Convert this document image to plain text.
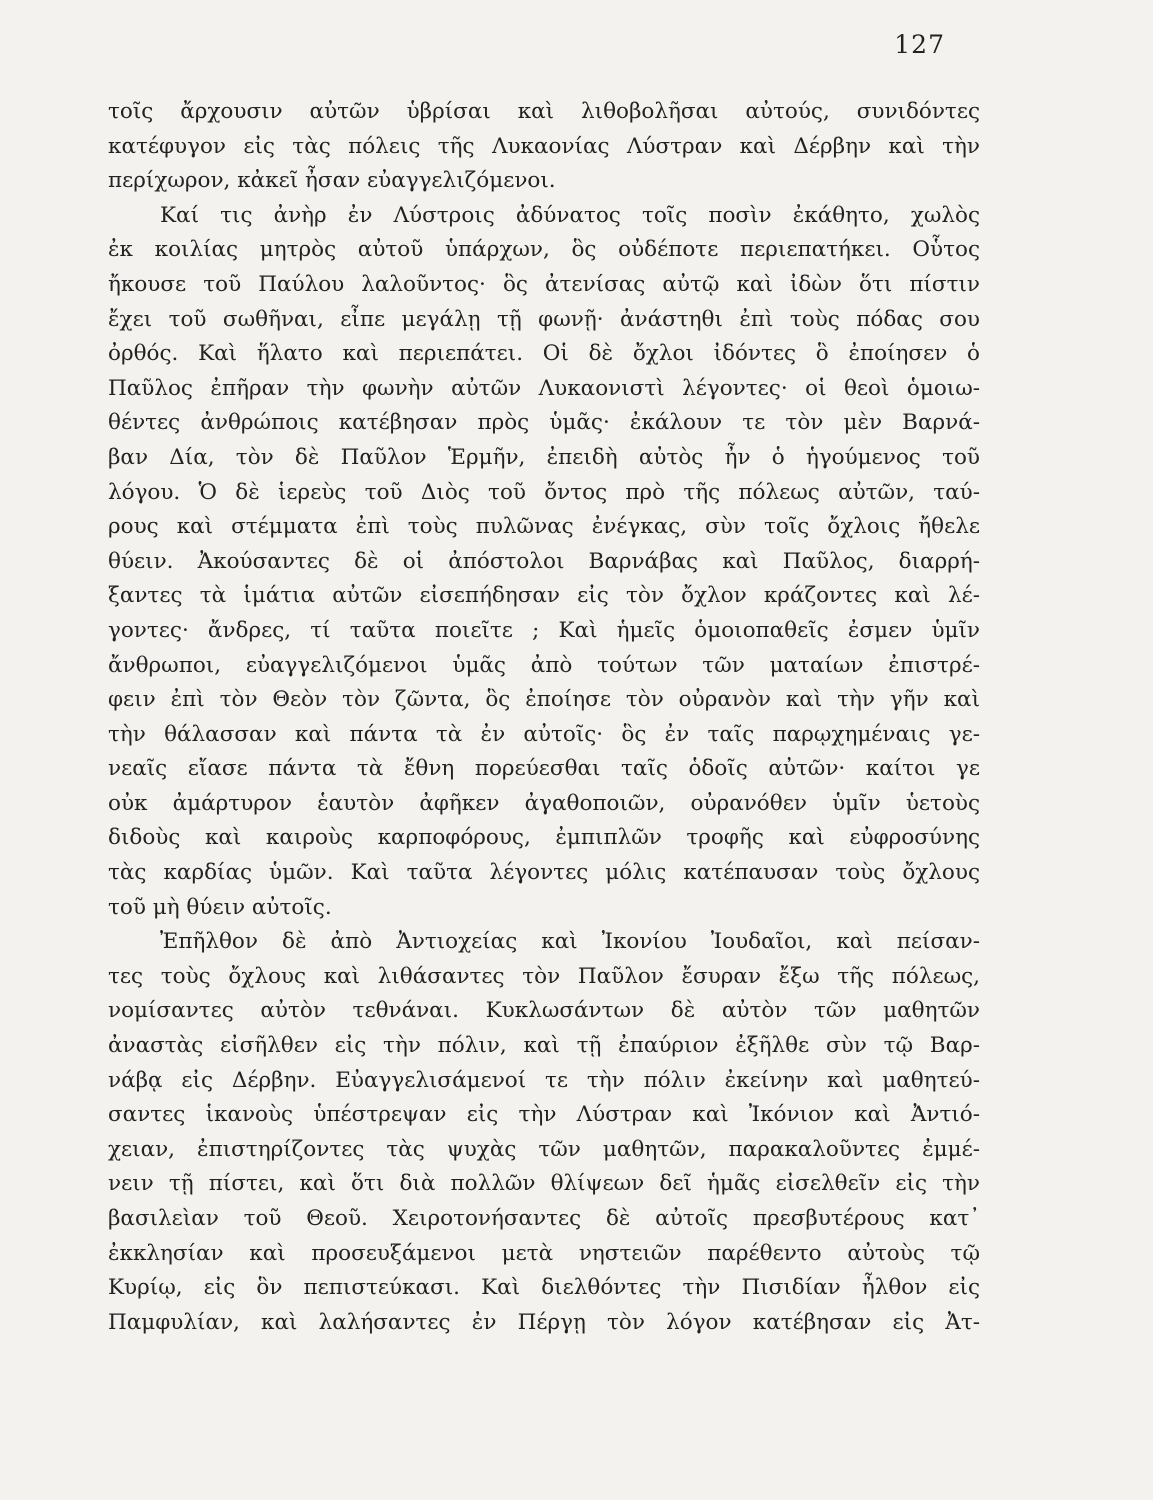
127
τοῖς ἄρχουσιν αὐτῶν ὑβρίσαι καὶ λιθοβολῆσαι αὐτούς, συνιδόντες
κατέφυγον εἰς τὰς πόλεις τῆς Λυκαονίας Λύστραν καὶ Δέρβην καὶ τὴν
περίχωρον, κἀκεῖ ἦσαν εὐαγγελιζόμενοι.
Καί τις ἀνὴρ ἐν Λύστροις ἀδύνατος τοῖς ποσὶν ἐκάθητο, χωλὸς
ἐκ κοιλίας μητρὸς αὐτοῦ ὑπάρχων, ὃς οὐδέποτε περιεπατήκει. Οὗτος
ἤκουσε τοῦ Παύλου λαλοῦντος· ὃς ἀτενίσας αὐτῷ καὶ ἰδὼν ὅτι πίστιν
ἔχει τοῦ σωθῆναι, εἶπε μεγάλῃ τῇ φωνῇ· ἀνάστηθι ἐπὶ τοὺς πόδας σου
ὀρθός. Καὶ ἥλατο καὶ περιεπάτει. Οἱ δὲ ὄχλοι ἰδόντες ὃ ἐποίησεν ὁ
Παῦλος ἐπῆραν τὴν φωνὴν αὐτῶν Λυκαονιστὶ λέγοντες· οἱ θεοὶ ὁμοιω-
θέντες ἀνθρώποις κατέβησαν πρὸς ὑμᾶς· ἐκάλουν τε τὸν μὲν Βαρνά-
βαν Δία, τὸν δὲ Παῦλον Ἑρμῆν, ἐπειδὴ αὐτὸς ἦν ὁ ἡγούμενος τοῦ
λόγου. Ὁ δὲ ἱερεὺς τοῦ Διὸς τοῦ ὄντος πρὸ τῆς πόλεως αὐτῶν, ταύ-
ρους καὶ στέμματα ἐπὶ τοὺς πυλῶνας ἐνέγκας, σὺν τοῖς ὄχλοις ἤθελε
θύειν. Ἀκούσαντες δὲ οἱ ἀπόστολοι Βαρνάβας καὶ Παῦλος, διαρρή-
ξαντες τὰ ἱμάτια αὐτῶν εἰσεπήδησαν εἰς τὸν ὄχλον κράζοντες καὶ λέ-
γοντες· ἄνδρες, τί ταῦτα ποιεῖτε ; Καὶ ἡμεῖς ὁμοιοπαθεῖς ἐσμεν ὑμῖν
ἄνθρωποι, εὐαγγελιζόμενοι ὑμᾶς ἀπὸ τούτων τῶν ματαίων ἐπιστρέ-
φειν ἐπὶ τὸν Θεὸν τὸν ζῶντα, ὃς ἐποίησε τὸν οὐρανὸν καὶ τὴν γῆν καὶ
τὴν θάλασσαν καὶ πάντα τὰ ἐν αὐτοῖς· ὃς ἐν ταῖς παρῳχημέναις γε-
νεαῖς εἴασε πάντα τὰ ἔθνη πορεύεσθαι ταῖς ὁδοῖς αὐτῶν· καίτοι γε
οὐκ ἀμάρτυρον ἑαυτὸν ἀφῆκεν ἀγαθοποιῶν, οὐρανόθεν ὑμῖν ὑετοὺς
διδοὺς καὶ καιροὺς καρποφόρους, ἐμπιπλῶν τροφῆς καὶ εὐφροσύνης
τὰς καρδίας ὑμῶν. Καὶ ταῦτα λέγοντες μόλις κατέπαυσαν τοὺς ὄχλους
τοῦ μὴ θύειν αὐτοῖς.
Ἐπῆλθον δὲ ἀπὸ Ἀντιοχείας καὶ Ἰκονίου Ἰουδαῖοι, καὶ πείσαν-
τες τοὺς ὄχλους καὶ λιθάσαντες τὸν Παῦλον ἔσυραν ἔξω τῆς πόλεως,
νομίσαντες αὐτὸν τεθνάναι. Κυκλωσάντων δὲ αὐτὸν τῶν μαθητῶν
ἀναστὰς εἰσῆλθεν εἰς τὴν πόλιν, καὶ τῇ ἐπαύριον ἐξῆλθε σὺν τῷ Βαρ-
νάβᾳ εἰς Δέρβην. Εὐαγγελισάμενοί τε τὴν πόλιν ἐκείνην καὶ μαθητεύ-
σαντες ἱκανοὺς ὑπέστρεψαν εἰς τὴν Λύστραν καὶ Ἰκόνιον καὶ Ἀντιό-
χειαν, ἐπιστηρίζοντες τὰς ψυχὰς τῶν μαθητῶν, παρακαλοῦντες ἐμμέ-
νειν τῇ πίστει, καὶ ὅτι διὰ πολλῶν θλίψεων δεῖ ἡμᾶς εἰσελθεῖν εἰς τὴν
βασιλεὶαν τοῦ Θεοῦ. Χειροτονήσαντες δὲ αὐτοῖς πρεσβυτέρους κατ᾽
ἐκκλησίαν καὶ προσευξάμενοι μετὰ νηστειῶν παρέθεντο αὐτοὺς τῷ
Κυρίῳ, εἰς ὃν πεπιστεύκασι. Καὶ διελθόντες τὴν Πισιδίαν ἦλθον εἰς
Παμφυλίαν, καὶ λαλήσαντες ἐν Πέργῃ τὸν λόγον κατέβησαν εἰς Ἀτ-
